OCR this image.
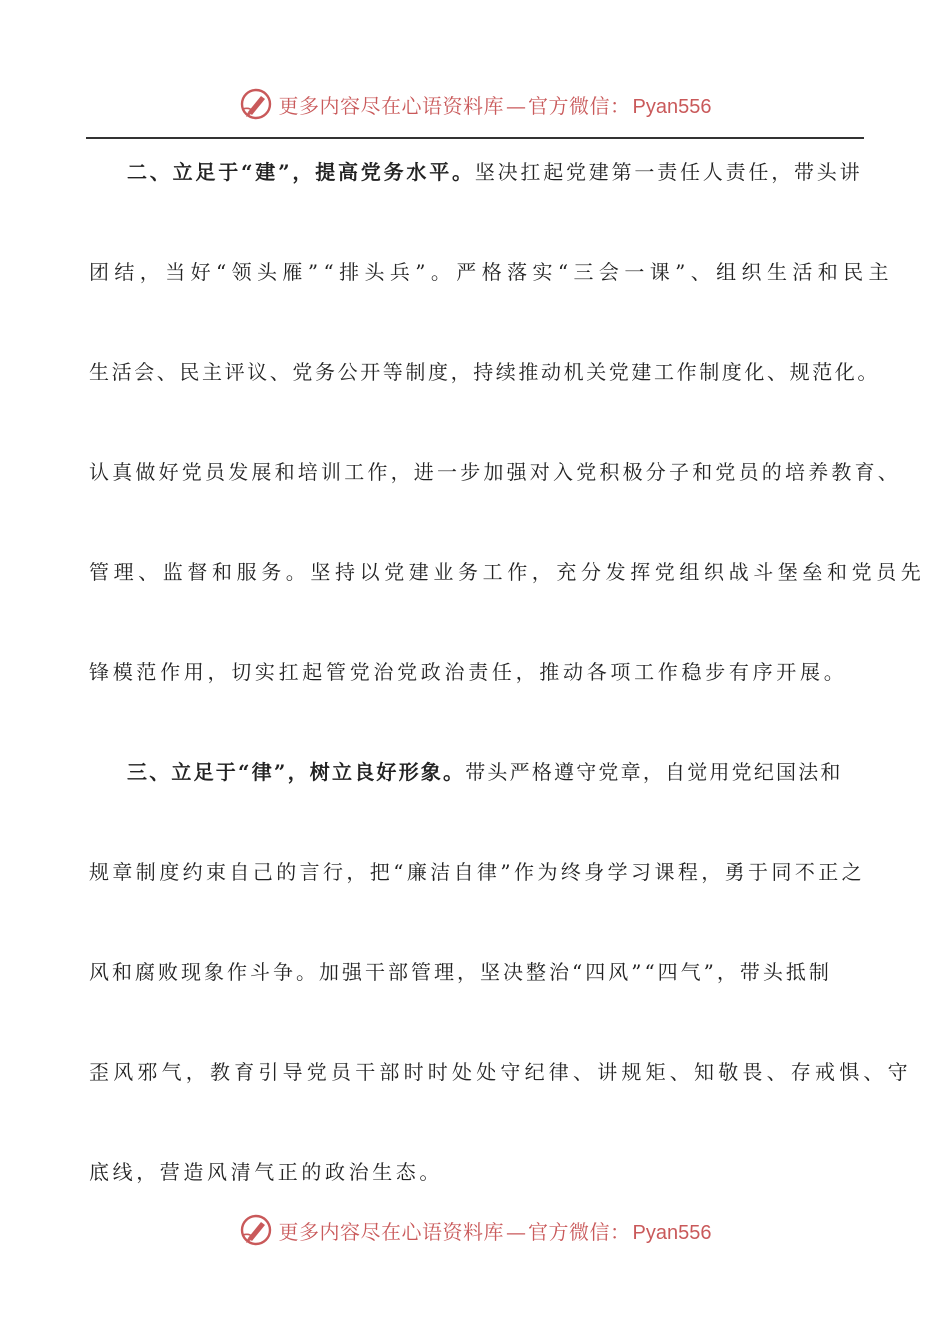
更多内容尽在心语资料库 — 官方微信： Pyan556
二、立足于“建”，提高党务水平。坚决扛起党建第一责任人责任，带头讲
团结，当好“领头雁”“排头兵”。严格落实“三会一课”、组织生活和民主
生活会、民主评议、党务公开等制度，持续推动机关党建工作制度化、规范化。
认真做好党员发展和培训工作，进一步加强对入党积极分子和党员的培养教育、
管理、监督和服务。坚持以党建业务工作，充分发挥党组织战斗堡垒和党员先
锋模范作用，切实扛起管党治党政治责任，推动各项工作稳步有序开展。
三、立足于“律”，树立良好形象。带头严格遵守党章，自觉用党纪国法和
规章制度约束自己的言行，把“廉洁自律”作为终身学习课程，勇于同不正之
风和腐败现象作斗争。加强干部管理，坚决整治“四风”“四气”，带头抵制
歪风邪气，教育引导党员干部时时处处守纪律、讲规矩、知敬畏、存戒惧、守
底线，营造风清气正的政治生态。
更多内容尽在心语资料库 — 官方微信： Pyan556
